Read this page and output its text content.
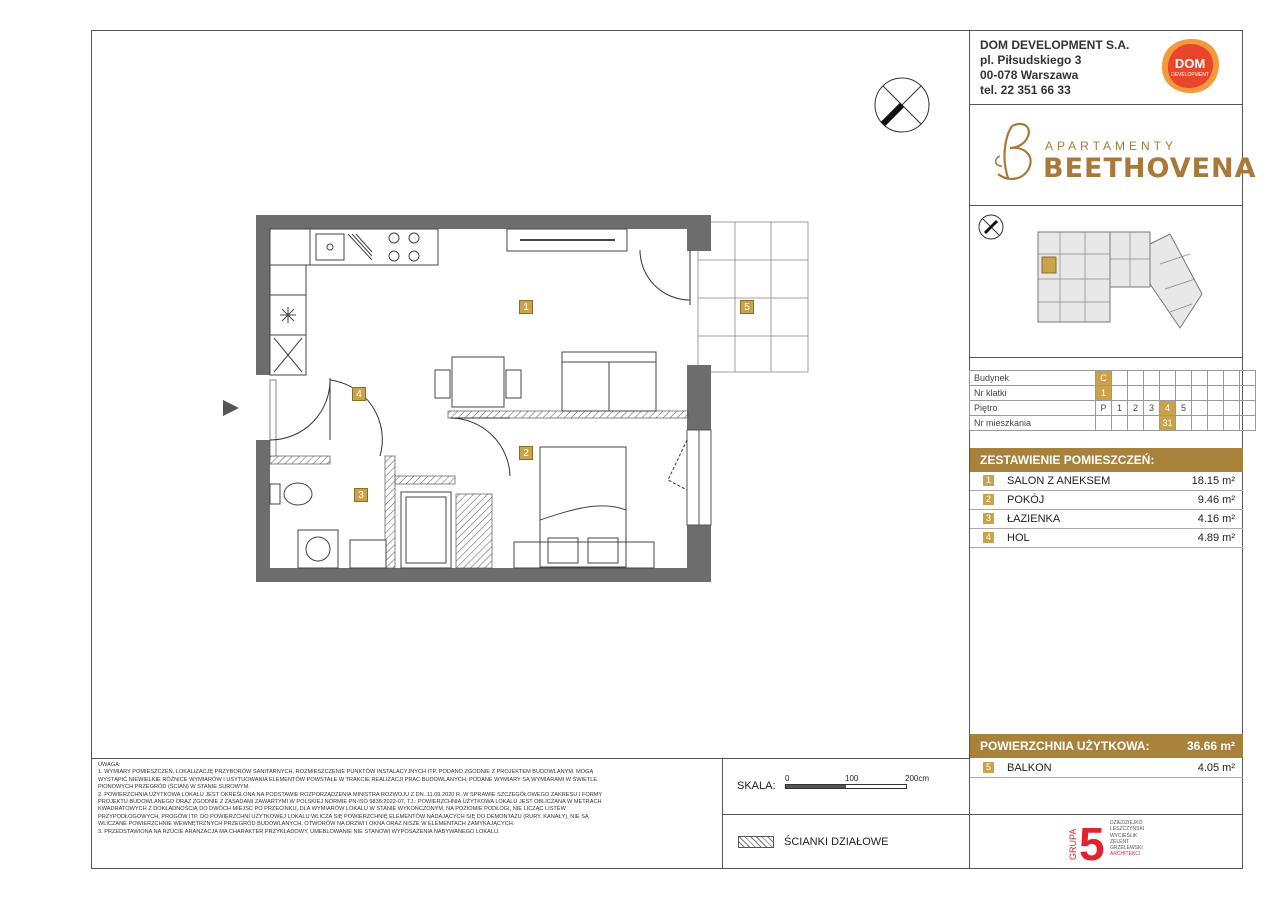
DOM DEVELOPMENT S.A.
pl. Piłsudskiego 3
00-078 Warszawa
tel. 22 351 66 33
DOM
DEVELOPMENT
APARTAMENTY
BEETHOVENA
Budynek	C									
Nr klatki	1									
Piętro	P	1	2	3	4	5				
Nr mieszkania					31					
ZESTAWIENIE POMIESZCZEŃ:
1 SALON Z ANEKSEM	18.15 m²
2 POKÓJ	9.46 m²
3 ŁAZIENKA	4.16 m²
4 HOL	4.89 m²
POWIERZCHNIA UŻYTKOWA:	36.66 m²
5 BALKON	4.05 m²
GRUPA 5 DZIEDZIEJKO
LESZCZYŃSKI
WYCIEŚLIK
ZELENT
GRZELEWSKI
ARCHITEKCI
1
2
3
4
5
UWAGA:
1. WYMIARY POMIESZCZEŃ, LOKALIZACJĘ PRZYBORÓW SANITARNYCH, ROZMIESZCZENIE PUNKTÓW INSTALACYJNYCH ITP. PODANO ZGODNIE Z PROJEKTEM BUDOWLANYM. MOGĄ
WYSTĄPIĆ NIEWIELKIE RÓŻNICE WYMIARÓW I USYTUOWANIA ELEMENTÓW POWSTAŁE W TRAKCIE REALIZACJI PRAC BUDOWLANYCH. PODANE WYMIARY SĄ WYMIARAMI W ŚWIETLE
PIONOWYCH PRZEGRÓD (ŚCIAN) W STANIE SUROWYM.
2. POWIERZCHNIA UŻYTKOWA LOKALU JEST OKREŚLONA NA PODSTAWIE ROZPORZĄDZENIA MINISTRA ROZWOJU Z DN. 11.09.2020 R. W SPRAWIE SZCZEGÓŁOWEGO ZAKRESU I FORMY
PROJEKTU BUDOWLANEGO ORAZ ZGODNIE Z ZASADAMI ZAWARTYMI W POLSKIEJ NORMIE PN-ISO 9836:2022-07, TJ.: POWIERZCHNIA UŻYTKOWA LOKALU JEST OBLICZANA W METRACH
KWADRATOWYCH Z DOKŁADNOŚCIĄ DO DWÓCH MIEJSC PO PRZECINKU, DLA WYMIARÓW LOKALU W STANIE WYKOŃCZONYM, NA POZIOMIE PODŁOGI, NIE LICZĄC LISTEW
PRZYPODŁOGOWYCH, PROGÓW ITP. DO POWIERZCHNI UŻYTKOWEJ LOKALU WLICZA SIĘ POWIERZCHNIĘ ELEMENTÓW NADAJĄCYCH SIĘ DO DEMONTAŻU (RURY, KANAŁY), NIE SĄ
WLICZANE POWIERZCHNIE WEWNĘTRZNYCH PRZEGRÓD BUDOWLANYCH, OTWORÓW NA DRZWI I OKNA ORAZ NISZE W ELEMENTACH ZAMYKAJĄCYCH.
3. PRZEDSTAWIONA NA RZUCIE ARANŻACJA MA CHARAKTER PRZYKŁADOWY, UMEBLOWANIE NIE STANOWI WYPOSAŻENIA NABYWANEGO LOKALU.
SKALA:
0	100	200cm
ŚCIANKI DZIAŁOWE
